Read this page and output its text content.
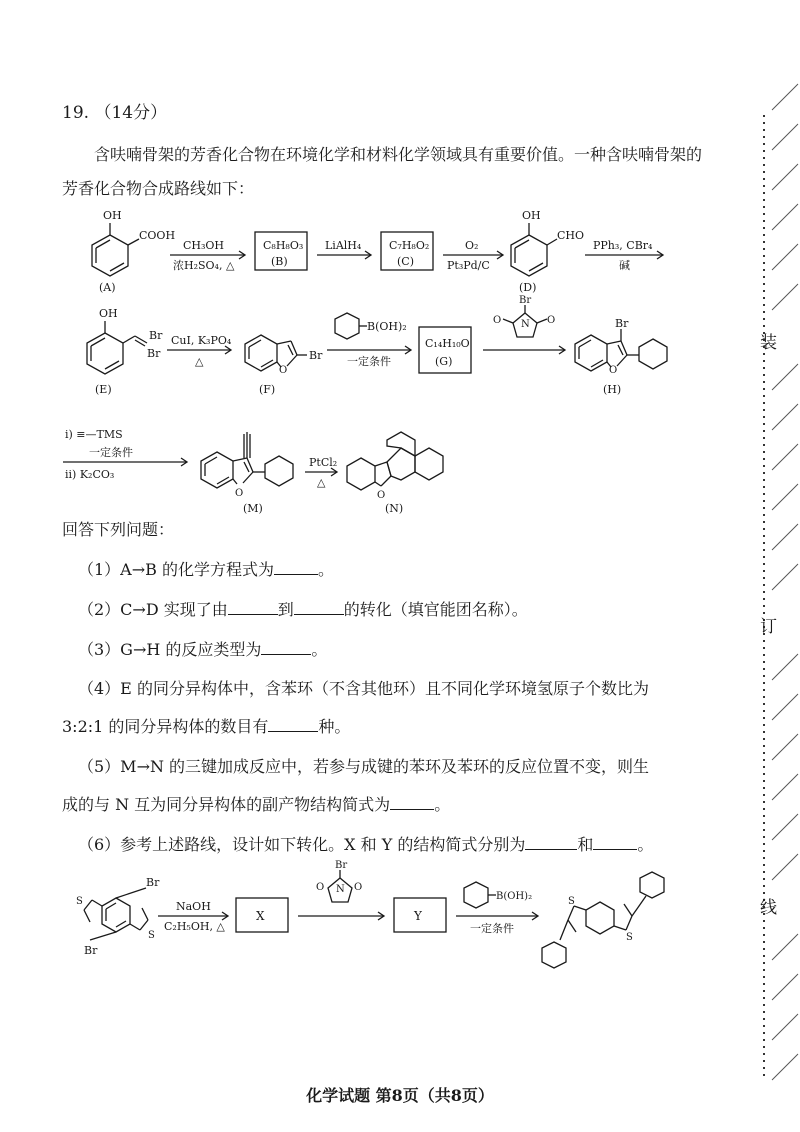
19. （14分）
含呋喃骨架的芳香化合物在环境化学和材料化学领域具有重要价值。一种含呋喃骨架的芳香化合物合成路线如下：
OH
COOH
(A)
CH₃OH
浓H₂SO₄, △
C₈H₈O₃
(B)
LiAlH₄	C₇H₈O₂
(C)
O₂
Pt₃Pd/C
OH
CHO
(D)
PPh₃, CBr₄
碱
OH
Br
Br
(E)
CuI, K₃PO₄
△	Br
O
(F)
B(OH)₂
一定条件
C₁₄H₁₀O
(G)
Br
N
O	O	Br
O
(H)
i) ≡—TMS
一定条件
ii) K₂CO₃
O
(M)
PtCl₂
△
O
(N)
回答下列问题：
（1）A→B 的化学方程式为	。
（2）C→D 实现了由	到	的转化（填官能团名称）。
（3）G→H 的反应类型为	。
（4）E 的同分异构体中，含苯环（不含其他环）且不同化学环境氢原子个数比为
3:2:1 的同分异构体的数目有	种。
（5）M→N 的三键加成反应中，若参与成键的苯环及苯环的反应位置不变，则生
成的与 N 互为同分异构体的副产物结构简式为	。
（6）参考上述路线，设计如下转化。X 和 Y 的结构简式分别为	和	。
Br
Br
S
S
NaOH
C₂H₅OH, △
X
Br
N
O	O
Y
B(OH)₂
一定条件
S
S
化学试题 第8页（共8页）
装
订
线
